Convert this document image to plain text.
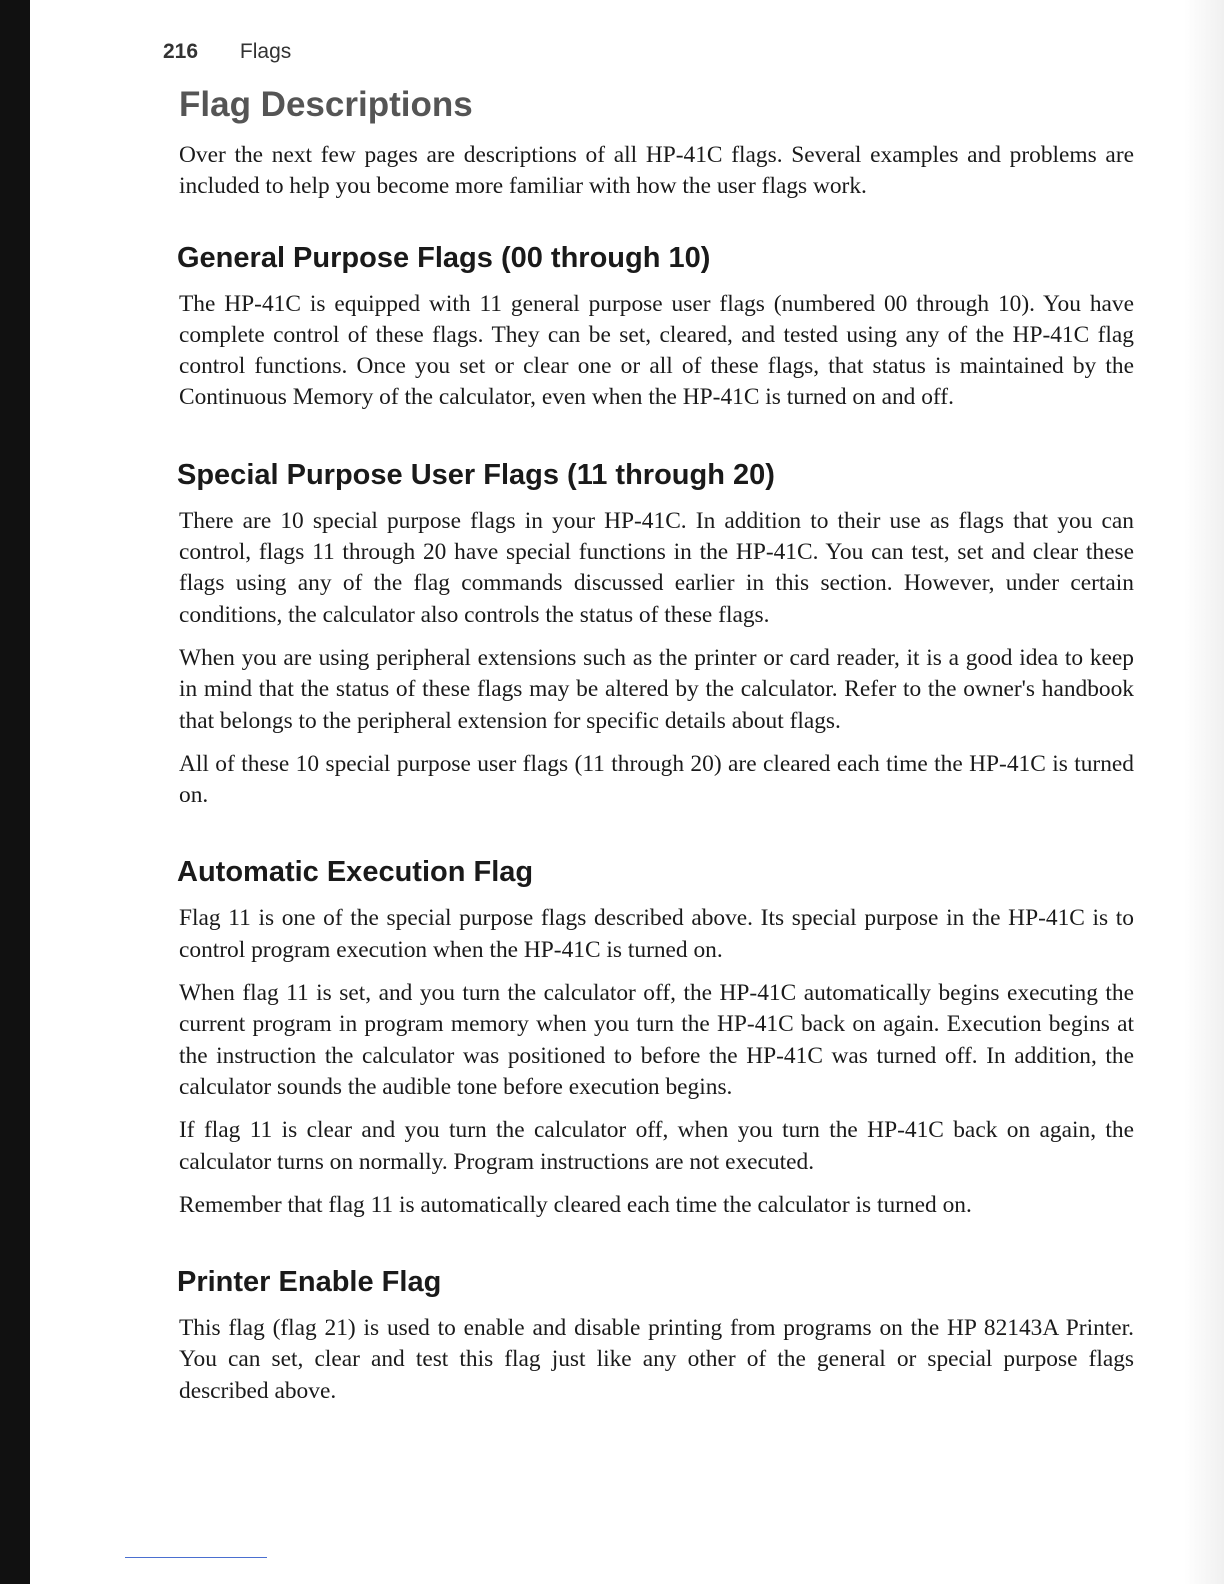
216 Flags
Flag Descriptions

Over the next few pages are descriptions of all HP-41C flags. Several examples and problems are included to help you become more familiar with how the user flags work.

General Purpose Flags (00 through 10)

The HP-41C is equipped with 11 general purpose user flags (numbered 00 through 10). You have complete control of these flags. They can be set, cleared, and tested using any of the HP-41C flag control functions. Once you set or clear one or all of these flags, that status is maintained by the Continuous Memory of the calculator, even when the HP-41C is turned on and off.

Special Purpose User Flags (11 through 20)

There are 10 special purpose flags in your HP-41C. In addition to their use as flags that you can control, flags 11 through 20 have special functions in the HP-41C. You can test, set and clear these flags using any of the flag commands discussed earlier in this section. However, under certain conditions, the calculator also controls the status of these flags.

When you are using peripheral extensions such as the printer or card reader, it is a good idea to keep in mind that the status of these flags may be altered by the calculator. Refer to the owner's handbook that belongs to the peripheral extension for specific details about flags.

All of these 10 special purpose user flags (11 through 20) are cleared each time the HP-41C is turned on.

Automatic Execution Flag

Flag 11 is one of the special purpose flags described above. Its special purpose in the HP-41C is to control program execution when the HP-41C is turned on.

When flag 11 is set, and you turn the calculator off, the HP-41C automatically begins executing the current program in program memory when you turn the HP-41C back on again. Execution begins at the instruction the calculator was positioned to before the HP-41C was turned off. In addition, the calculator sounds the audible tone before execution begins.

If flag 11 is clear and you turn the calculator off, when you turn the HP-41C back on again, the calculator turns on normally. Program instructions are not executed.

Remember that flag 11 is automatically cleared each time the calculator is turned on.

Printer Enable Flag

This flag (flag 21) is used to enable and disable printing from programs on the HP 82143A Printer. You can set, clear and test this flag just like any other of the general or special purpose flags described above.
